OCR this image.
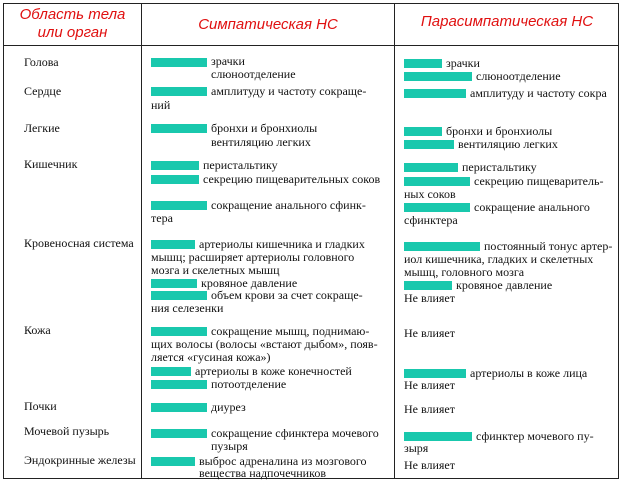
Область тела
или орган	Симпатическая НС	Парасимпатическая НС
Голова
Сердце
Легкие
Кишечник
Кровеносная система
Кожа
Почки
Мочевой пузырь
Эндокринные железы
зрачки
слюноотделение
амплитуду и частоту сокраще-
ний
бронхи и бронхиолы
вентиляцию легких
перистальтику
секрецию пищеварительных соков
сокращение анального сфинк-
тера
артериолы кишечника и гладких
мышц; расширяет артериолы головного
мозга и скелетных мышц
кровяное давление
объем крови за счет сокраще-
ния селезенки
сокращение мышц, поднимаю-
щих волосы (волосы «встают дыбом», появ-
ляется «гусиная кожа»)
артериолы в коже конечностей
потоотделение
диурез
сокращение сфинктера мочевого
пузыря
выброс адреналина из мозгового
вещества надпочечников
зрачки
слюноотделение
амплитуду и частоту сокра
бронхи и бронхиолы
вентиляцию легких
перистальтику
секрецию пищеваритель-
ных соков
сокращение анального
сфинктера
постоянный тонус артер-
иол кишечника, гладких и скелетных
мышц, головного мозга
кровяное давление
Не влияет
Не влияет
артериолы в коже лица
Не влияет
Не влияет
сфинктер мочевого пу-
зыря
Не влияет
